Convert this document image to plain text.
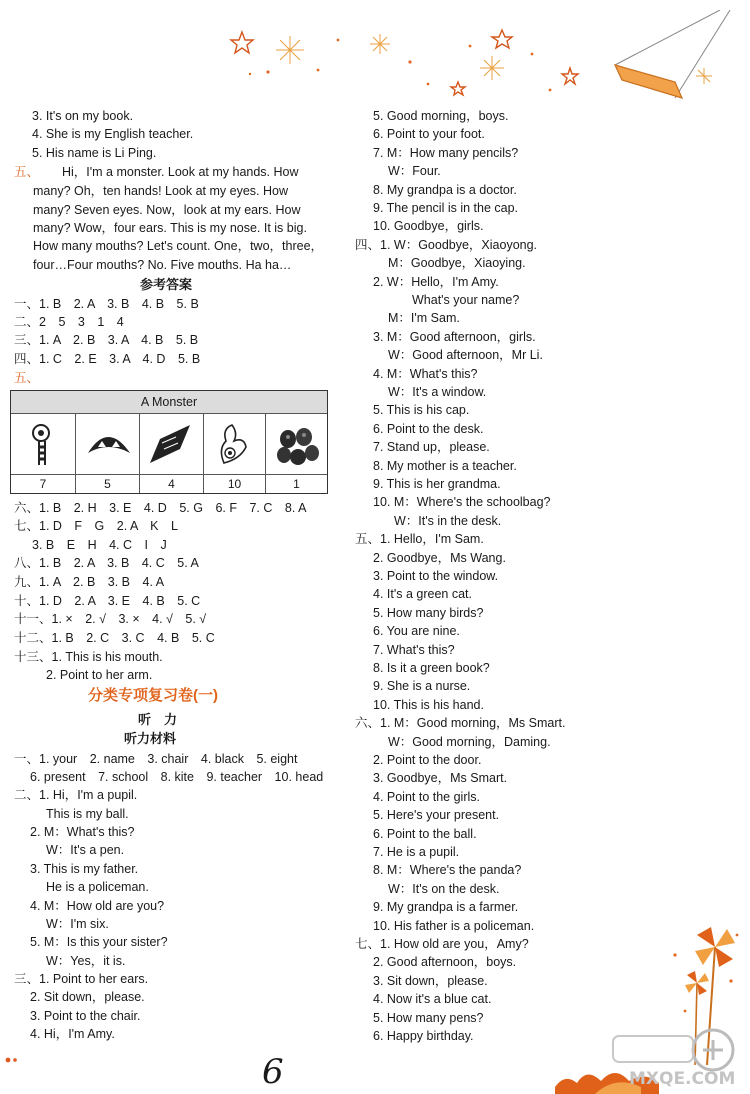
3. It's on my book.
4. She is my English teacher.
5. His name is Li Ping.
五、 Hi，I'm a monster. Look at my hands. How
many? Oh，ten hands! Look at my eyes. How
many? Seven eyes. Now，look at my ears. How
many? Wow，four ears. This is my nose. It is big.
How many mouths? Let's count. One，two，three，
four…Four mouths? No. Five mouths. Ha ha…
参考答案
一、1. B　2. A　3. B　4. B　5. B
二、2　5　3　1　4
三、1. A　2. B　3. A　4. B　5. B
四、1. C　2. E　3. A　4. D　5. B
五、
A Monster
7	5	4	10	1
六、1. B　2. H　3. E　4. D　5. G　6. F　7. C　8. A
七、1. D　F　G　2. A　K　L
3. B　E　H　4. C　I　J
八、1. B　2. A　3. B　4. C　5. A
九、1. A　2. B　3. B　4. A
十、1. D　2. A　3. E　4. B　5. C
十一、1. ×　2. √　3. ×　4. √　5. √
十二、1. B　2. C　3. C　4. B　5. C
十三、1. This is his mouth.
2. Point to her arm.
分类专项复习卷(一)
听　力
听力材料
一、1. your　2. name　3. chair　4. black　5. eight
6. present　7. school　8. kite　9. teacher　10. head
二、1. Hi，I'm a pupil.
This is my ball.
2. M：What's this?
W：It's a pen.
3. This is my father.
He is a policeman.
4. M：How old are you?
W：I'm six.
5. M：Is this your sister?
W：Yes，it is.
三、1. Point to her ears.
2. Sit down，please.
3. Point to the chair.
4. Hi，I'm Amy.
5. Good morning，boys.
6. Point to your foot.
7. M：How many pencils?
W：Four.
8. My grandpa is a doctor.
9. The pencil is in the cap.
10. Goodbye，girls.
四、1. W：Goodbye，Xiaoyong.
M：Goodbye，Xiaoying.
2. W：Hello，I'm Amy.
What's your name?
M：I'm Sam.
3. M：Good afternoon，girls.
W：Good afternoon，Mr Li.
4. M：What's this?
W：It's a window.
5. This is his cap.
6. Point to the desk.
7. Stand up，please.
8. My mother is a teacher.
9. This is her grandma.
10. M：Where's the schoolbag?
W：It's in the desk.
五、1. Hello，I'm Sam.
2. Goodbye，Ms Wang.
3. Point to the window.
4. It's a green cat.
5. How many birds?
6. You are nine.
7. What's this?
8. Is it a green book?
9. She is a nurse.
10. This is his hand.
六、1. M：Good morning，Ms Smart.
W：Good morning，Daming.
2. Point to the door.
3. Goodbye，Ms Smart.
4. Point to the girls.
5. Here's your present.
6. Point to the ball.
7. He is a pupil.
8. M：Where's the panda?
W：It's on the desk.
9. My grandpa is a farmer.
10. His father is a policeman.
七、1. How old are you，Amy?
2. Good afternoon，boys.
3. Sit down，please.
4. Now it's a blue cat.
5. How many pens?
6. Happy birthday.
6	MXQE.COM
